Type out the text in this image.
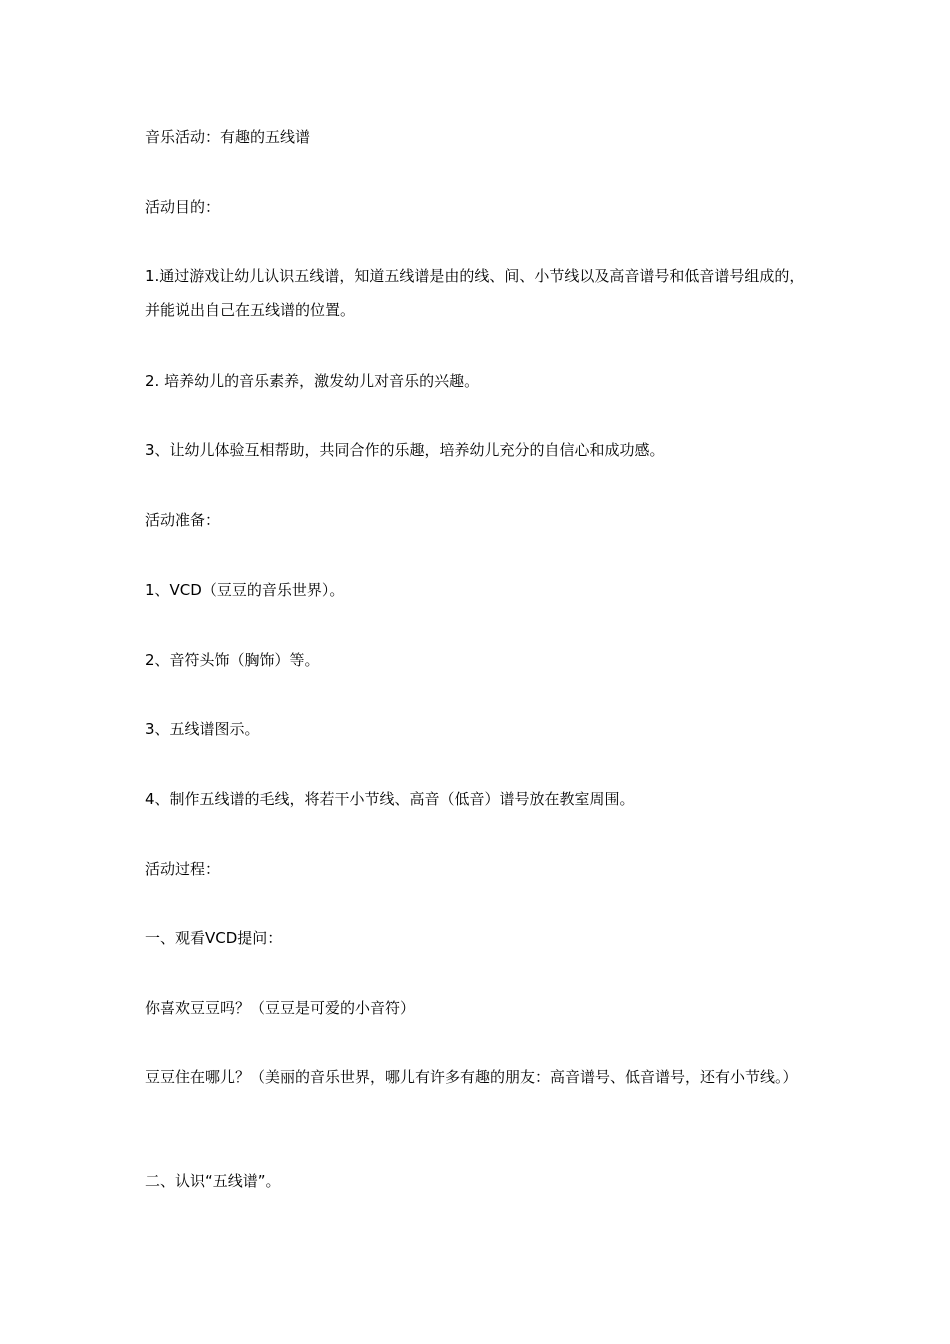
音乐活动：有趣的五线谱

活动目的：

1.通过游戏让幼儿认识五线谱，知道五线谱是由的线、间、小节线以及高音谱号和低音谱号组成的，并能说出自己在五线谱的位置。

2. 培养幼儿的音乐素养，激发幼儿对音乐的兴趣。

3、让幼儿体验互相帮助，共同合作的乐趣，培养幼儿充分的自信心和成功感。

活动准备：

1、VCD（豆豆的音乐世界）。

2、音符头饰（胸饰）等。

3、五线谱图示。

4、制作五线谱的毛线，将若干小节线、高音（低音）谱号放在教室周围。

活动过程：

一、观看VCD提问：

你喜欢豆豆吗？（豆豆是可爱的小音符）

豆豆住在哪儿？（美丽的音乐世界，哪儿有许多有趣的朋友：高音谱号、低音谱号，还有小节线。）

二、认识“五线谱”。
